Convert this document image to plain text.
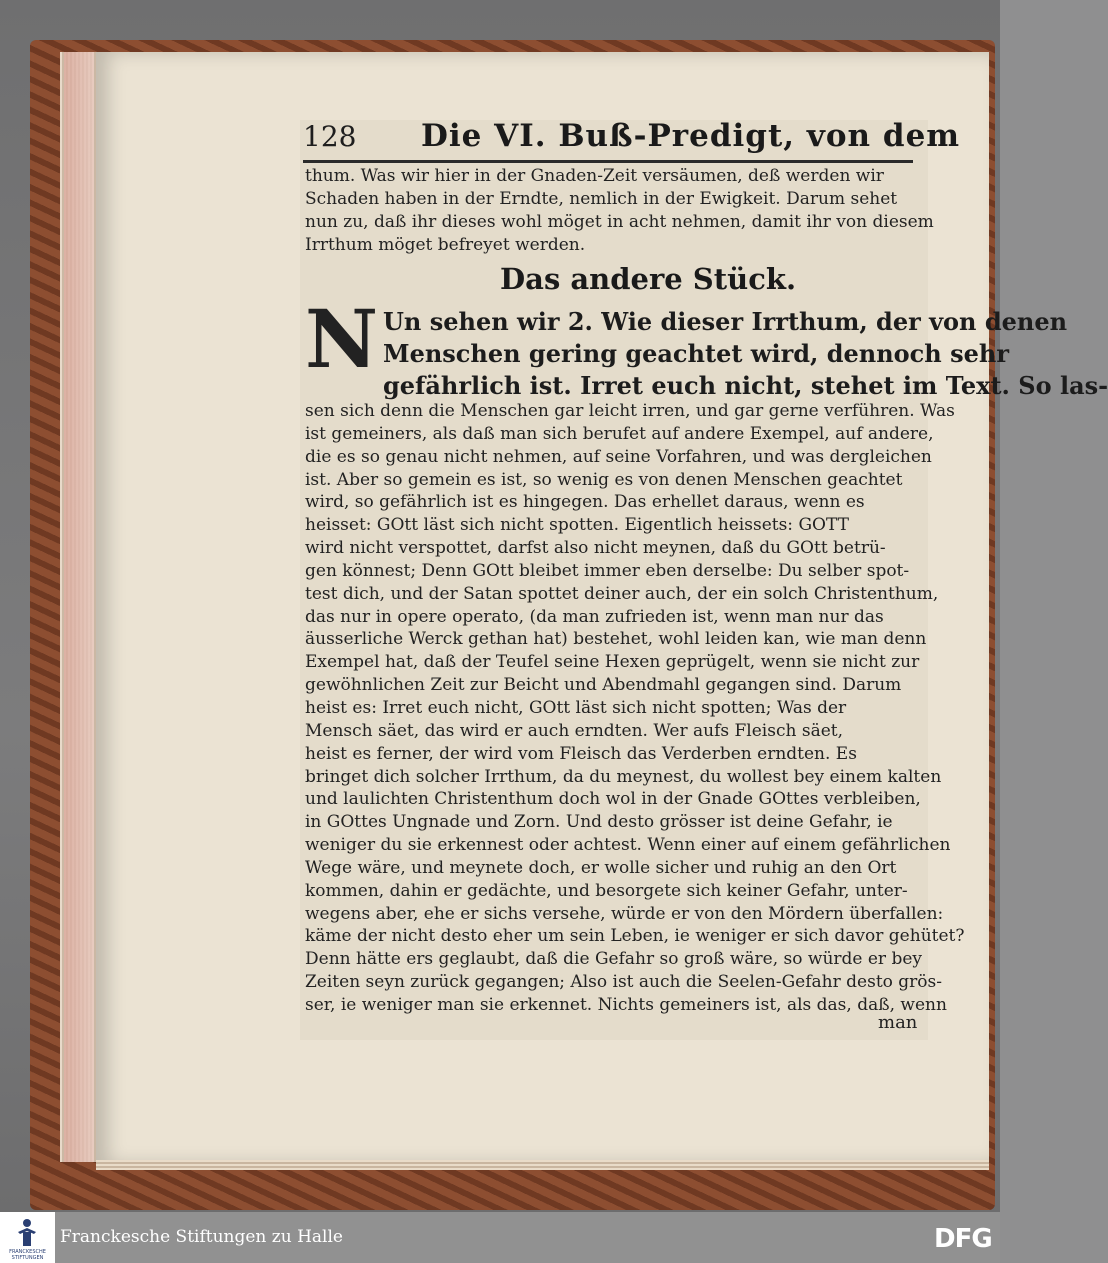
128 Die VI. Buß-Predigt, von dem
thum. Was wir hier in der Gnaden-Zeit versäumen, deß werden wir
Schaden haben in der Erndte, nemlich in der Ewigkeit. Darum sehet
nun zu, daß ihr dieses wohl möget in acht nehmen, damit ihr von diesem
Irrthum möget befreyet werden.
Das andere Stück.
N Un sehen wir 2. Wie dieser Irrthum, der von denen
Menschen gering geachtet wird, dennoch sehr
gefährlich ist. Irret euch nicht, stehet im Text. So las-
sen sich denn die Menschen gar leicht irren, und gar gerne verführen. Was
ist gemeiners, als daß man sich berufet auf andere Exempel, auf andere,
die es so genau nicht nehmen, auf seine Vorfahren, und was dergleichen
ist. Aber so gemein es ist, so wenig es von denen Menschen geachtet
wird, so gefährlich ist es hingegen. Das erhellet daraus, wenn es
heisset: GOtt läst sich nicht spotten. Eigentlich heissets: GOTT
wird nicht verspottet, darfst also nicht meynen, daß du GOtt betrü-
gen könnest; Denn GOtt bleibet immer eben derselbe: Du selber spot-
test dich, und der Satan spottet deiner auch, der ein solch Christenthum,
das nur in opere operato, (da man zufrieden ist, wenn man nur das
äusserliche Werck gethan hat) bestehet, wohl leiden kan, wie man denn
Exempel hat, daß der Teufel seine Hexen geprügelt, wenn sie nicht zur
gewöhnlichen Zeit zur Beicht und Abendmahl gegangen sind. Darum
heist es: Irret euch nicht, GOtt läst sich nicht spotten; Was der
Mensch säet, das wird er auch erndten. Wer aufs Fleisch säet,
heist es ferner, der wird vom Fleisch das Verderben erndten. Es
bringet dich solcher Irrthum, da du meynest, du wollest bey einem kalten
und laulichten Christenthum doch wol in der Gnade GOttes verbleiben,
in GOttes Ungnade und Zorn. Und desto grösser ist deine Gefahr, ie
weniger du sie erkennest oder achtest. Wenn einer auf einem gefährlichen
Wege wäre, und meynete doch, er wolle sicher und ruhig an den Ort
kommen, dahin er gedächte, und besorgete sich keiner Gefahr, unter-
wegens aber, ehe er sichs versehe, würde er von den Mördern überfallen:
käme der nicht desto eher um sein Leben, ie weniger er sich davor gehütet?
Denn hätte ers geglaubt, daß die Gefahr so groß wäre, so würde er bey
Zeiten seyn zurück gegangen; Also ist auch die Seelen-Gefahr desto grös-
ser, ie weniger man sie erkennet. Nichts gemeiners ist, als das, daß, wenn
man
FRANCKESCHE STIFTUNGEN
Franckesche Stiftungen zu Halle	DFG
